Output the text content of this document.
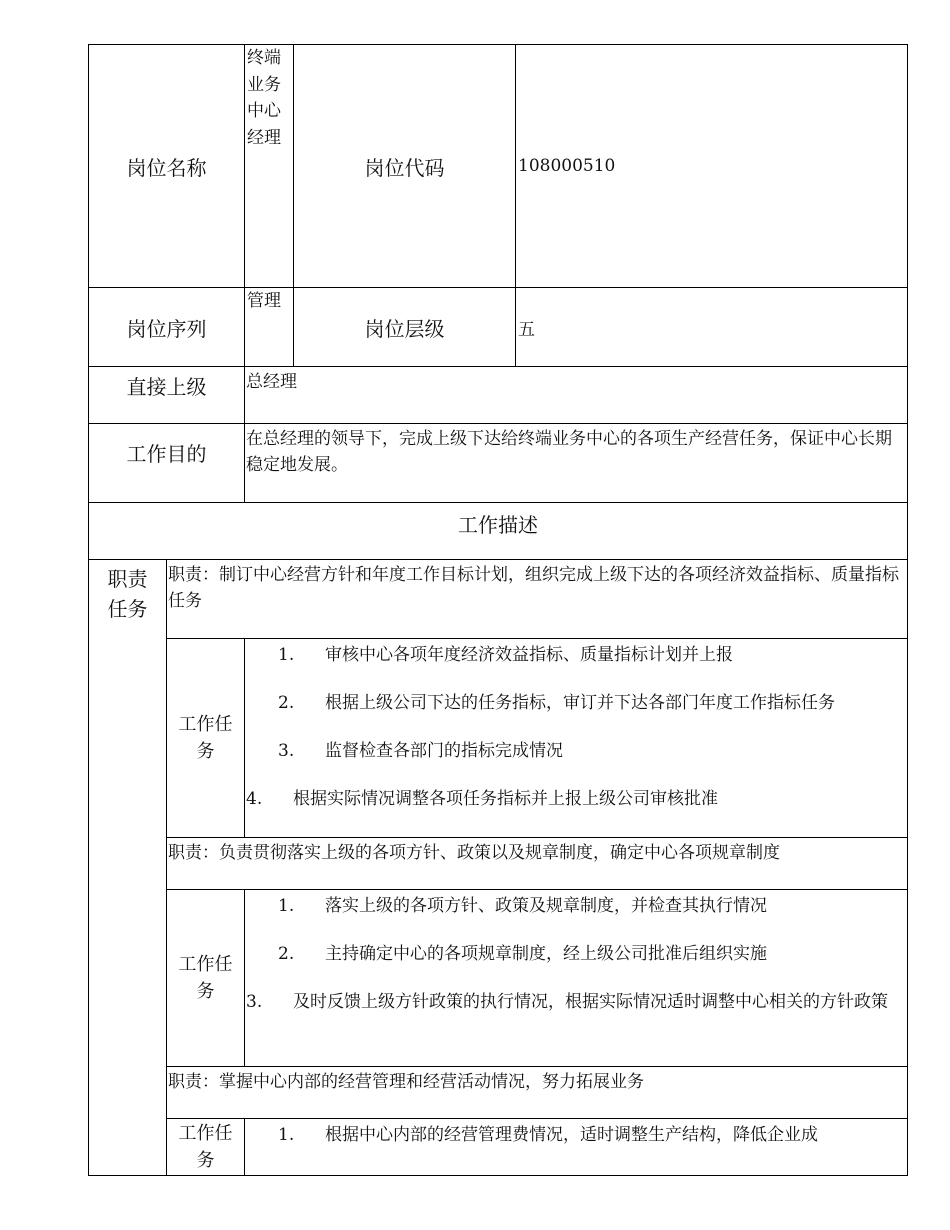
岗位名称		终端业务中心经理	岗位代码	108000510
岗位序列		管理	岗位层级	五
直接上级		总经理		
工作目的		在总经理的领导下，完成上级下达给终端业务中心的各项生产经营任务，保证中心长期稳定地发展。		
工作描述				

职责任务	职责：制订中心经营方针和年度工作目标计划，组织完成上级下达的各项经济效益指标、质量指标任务			
	工作任务	1. 审核中心各项年度经济效益指标、质量指标计划并上报
2. 根据上级公司下达的任务指标，审订并下达各部门年度工作指标任务
3. 监督检查各部门的指标完成情况
4. 根据实际情况调整各项任务指标并上报上级公司审核批准		

	职责：负责贯彻落实上级的各项方针、政策以及规章制度，确定中心各项规章制度			
	工作任务	1. 落实上级的各项方针、政策及规章制度，并检查其执行情况
2. 主持确定中心的各项规章制度，经上级公司批准后组织实施
3. 及时反馈上级方针政策的执行情况，根据实际情况适时调整中心相关的方针政策		

	职责：掌握中心内部的经营管理和经营活动情况，努力拓展业务			
	工作任务	1. 根据中心内部的经营管理费情况，适时调整生产结构，降低企业成		
